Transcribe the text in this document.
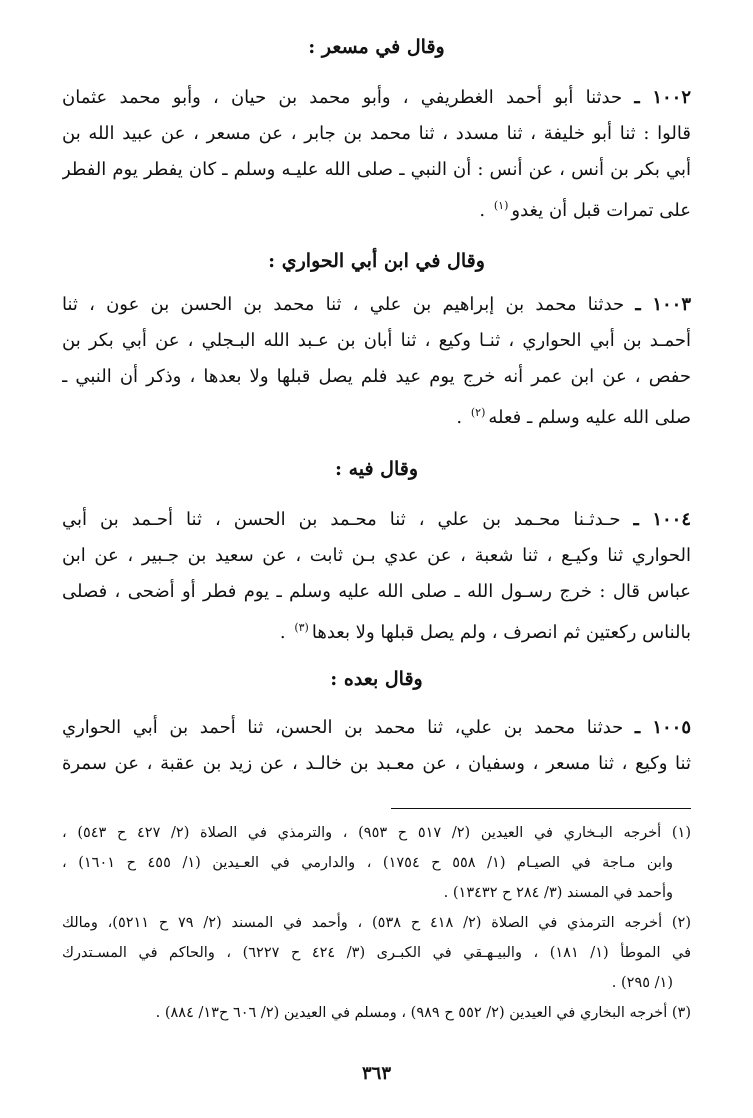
وقال في مسعر :
١٠٠٢ ـ حدثنا أبو أحمد الغطريفي ، وأبو محمد بن حيان ، وأبو محمد عثمان
قالوا : ثنا أبو خليفة ، ثنا مسدد ، ثنا محمد بن جابر ، عن مسعر ، عن عبيد الله بن
أبي بكر بن أنس ، عن أنس : أن النبي ـ صلى الله عليـه وسلم ـ كان يفطر يوم الفطر
على تمرات قبل أن يغدو$^{(١)}$ .
وقال في ابن أبي الحواري :
١٠٠٣ ـ حدثنا محمد بن إبراهيم بن علي ، ثنا محمد بن الحسن بن عون ، ثنا
أحمـد بن أبي الحواري ، ثنـا وكيع ، ثنا أبان بن عـبد الله البـجلي ، عن أبي بكر بن
حفص ، عن ابن عمر أنه خرج يوم عيد فلم يصل قبلها ولا بعدها ، وذكر أن النبي ـ
صلى الله عليه وسلم ـ فعله$^{(٢)}$ .
وقال فيه :
١٠٠٤ ـ حـدثـنا محـمد بن علي ، ثنا محـمد بن الحسن ، ثنا أحـمد بن أبي
الحواري ثنا وكيـع ، ثنا شعبة ، عن عدي بـن ثابت ، عن سعيد بن جـبير ، عن ابن
عباس قال : خرج رسـول الله ـ صلى الله عليه وسلم ـ يوم فطر أو أضحى ، فصلى
بالناس ركعتين ثم انصرف ، ولم يصل قبلها ولا بعدها$^{(٣)}$ .
وقال بعده :
١٠٠٥ ـ حدثنا محمد بن علي، ثنا محمد بن الحسن، ثنا أحمد بن أبي الحواري
ثنا وكيع ، ثنا مسعر ، وسفيان ، عن معـبد بن خالـد ، عن زيد بن عقبة ، عن سمرة
(١) أخرجه البـخاري في العيدين (٢/ ٥١٧ ح ٩٥٣) ، والترمذي في الصلاة (٢/ ٤٢٧ ح ٥٤٣) ،
وابن مـاجة في الصيـام (١/ ٥٥٨ ح ١٧٥٤) ، والدارمي في العـيدين (١/ ٤٥٥ ح ١٦٠١) ،
وأحمد في المسند (٣/ ٢٨٤ ح ١٣٤٣٢) .
(٢) أخرجه الترمذي في الصلاة (٢/ ٤١٨ ح ٥٣٨) ، وأحمد في المسند (٢/ ٧٩ ح ٥٢١١)، ومالك
في الموطأ (١/ ١٨١) ، والبيـهـقي في الكبـرى (٣/ ٤٢٤ ح ٦٢٢٧) ، والحاكم في المسـتدرك
(١/ ٢٩٥) .
(٣) أخرجه البخاري في العيدين (٢/ ٥٥٢ ح ٩٨٩) ، ومسلم في العيدين (٢/ ٦٠٦ ح١٣/ ٨٨٤) .
٣٦٣
